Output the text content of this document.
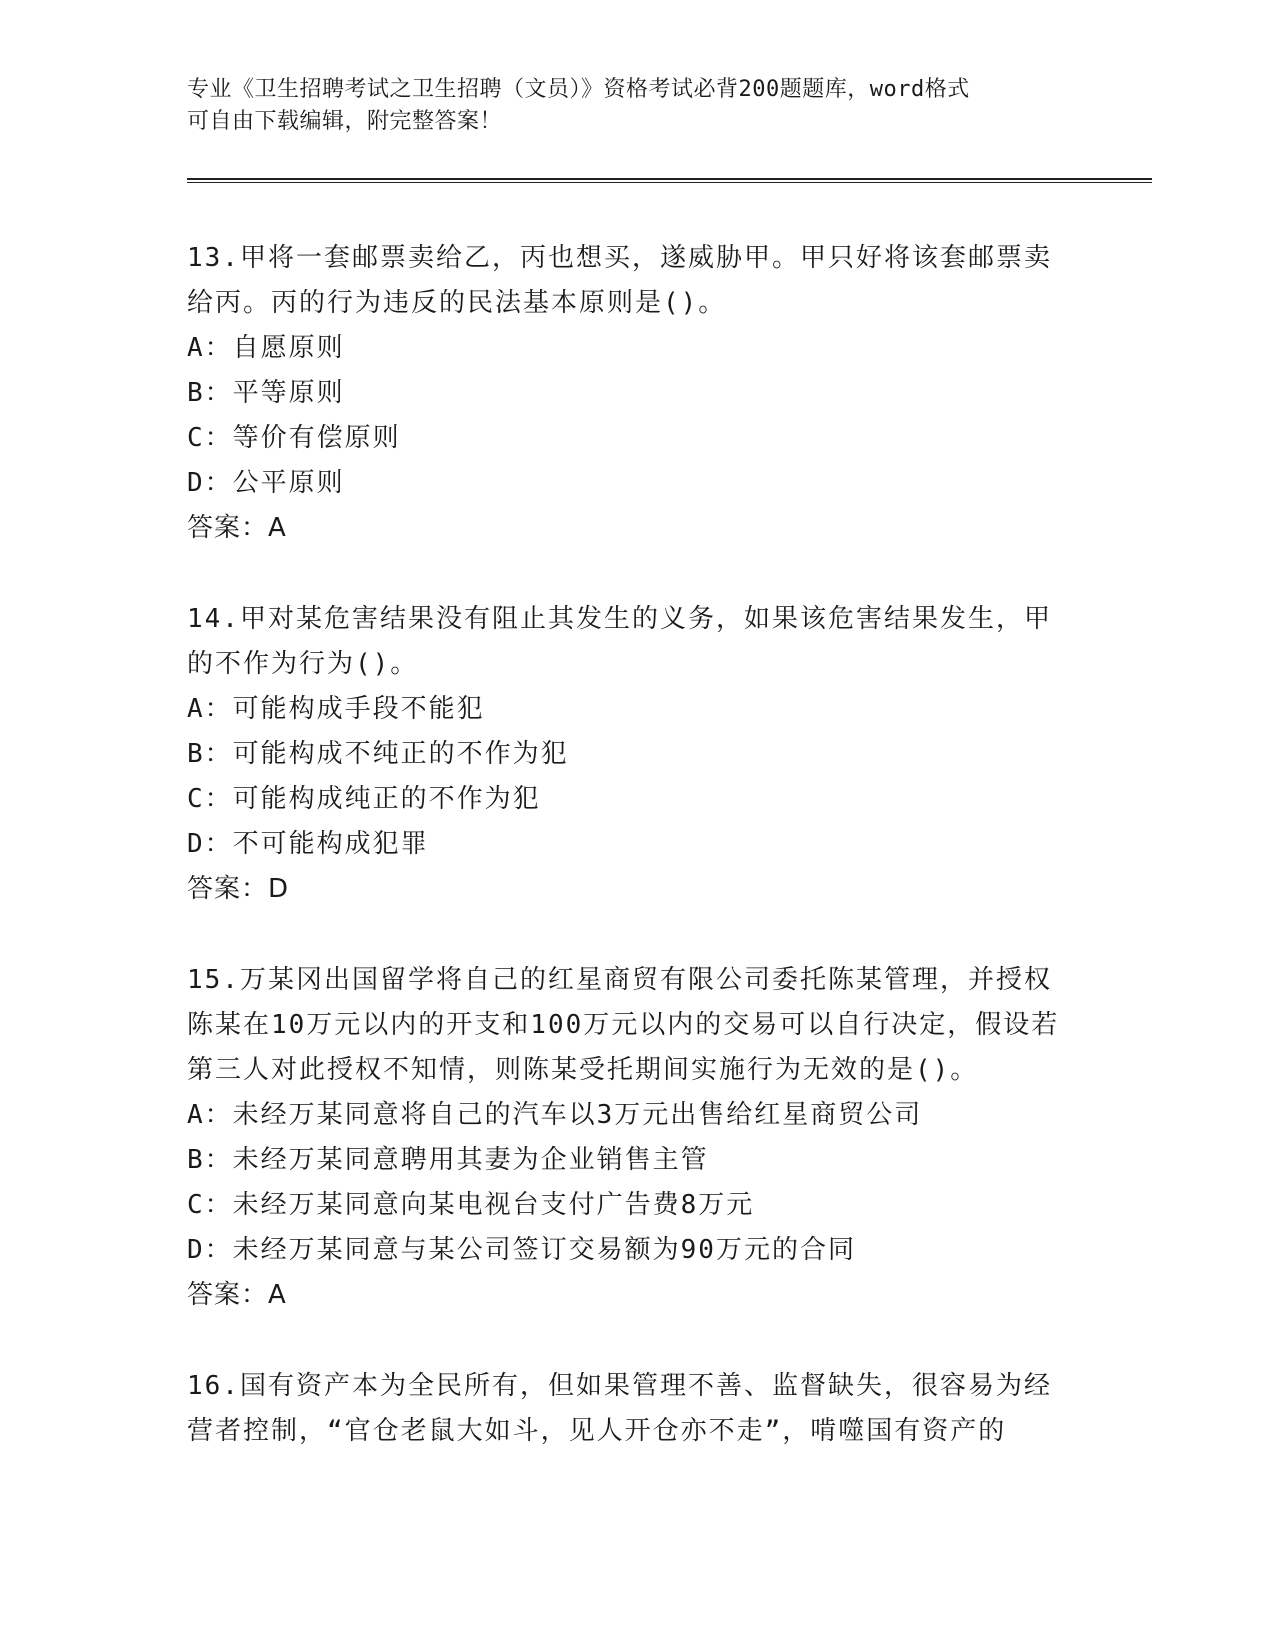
专业《卫生招聘考试之卫生招聘（文员）》资格考试必背200题题库，word格式
可自由下载编辑，附完整答案！

13.甲将一套邮票卖给乙，丙也想买，遂威胁甲。甲只好将该套邮票卖给丙。丙的行为违反的民法基本原则是()。

A：自愿原则

B：平等原则

C：等价有偿原则

D：公平原则

答案：A

14.甲对某危害结果没有阻止其发生的义务，如果该危害结果发生，甲的不作为行为()。

A：可能构成手段不能犯

B：可能构成不纯正的不作为犯

C：可能构成纯正的不作为犯

D：不可能构成犯罪

答案：D

15.万某冈出国留学将自己的红星商贸有限公司委托陈某管理，并授权陈某在10万元以内的开支和100万元以内的交易可以自行决定，假设若第三人对此授权不知情，则陈某受托期间实施行为无效的是()。

A：未经万某同意将自己的汽车以3万元出售给红星商贸公司

B：未经万某同意聘用其妻为企业销售主管

C：未经万某同意向某电视台支付广告费8万元

D：未经万某同意与某公司签订交易额为90万元的合同

答案：A

16.国有资产本为全民所有，但如果管理不善、监督缺失，很容易为经营者控制，“官仓老鼠大如斗，见人开仓亦不走”，啃噬国有资产的
